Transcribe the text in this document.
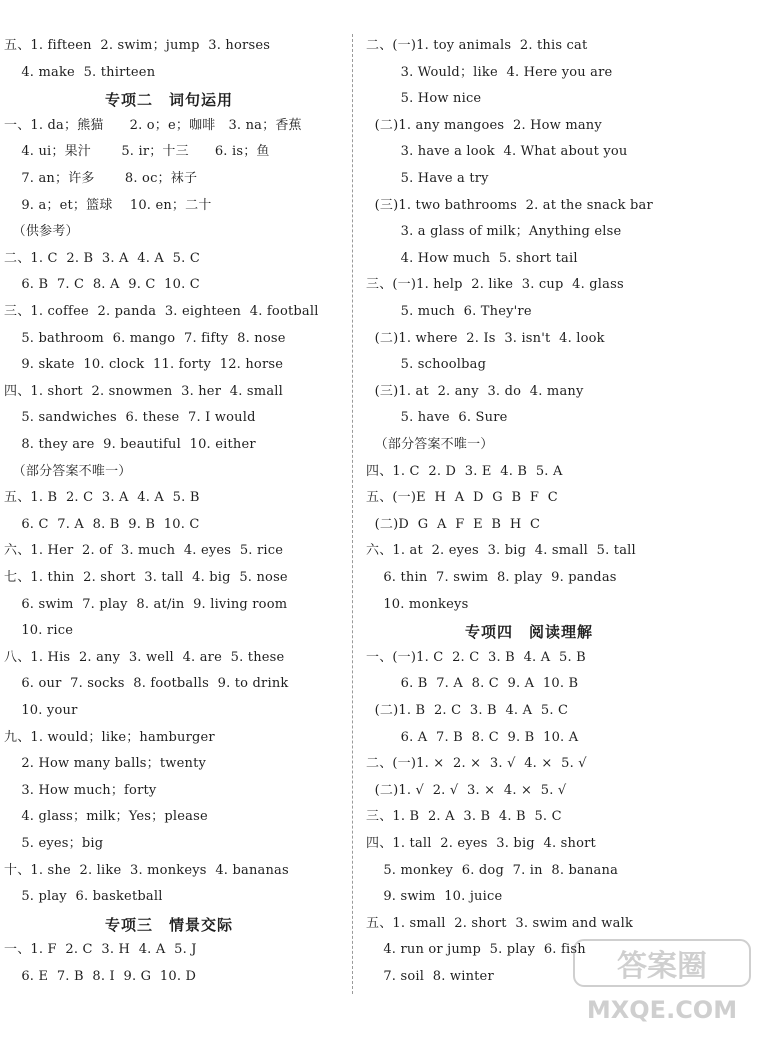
五、1. fifteen  2. swim；jump  3. horses
4. make  5. thirteen
专项二　词句运用
一、1. da；熊猫      2. o；e；咖啡   3. na；香蕉
4. ui；果汁       5. ir；十三      6. is；鱼
7. an；许多       8. oc；袜子
9. a；et；篮球    10. en；二十
（供参考）
二、1. C  2. B  3. A  4. A  5. C
6. B  7. C  8. A  9. C  10. C
三、1. coffee  2. panda  3. eighteen  4. football
5. bathroom  6. mango  7. fifty  8. nose
9. skate  10. clock  11. forty  12. horse
四、1. short  2. snowmen  3. her  4. small
5. sandwiches  6. these  7. I would
8. they are  9. beautiful  10. either
（部分答案不唯一）
五、1. B  2. C  3. A  4. A  5. B
6. C  7. A  8. B  9. B  10. C
六、1. Her  2. of  3. much  4. eyes  5. rice
七、1. thin  2. short  3. tall  4. big  5. nose
6. swim  7. play  8. at/in  9. living room
10. rice
八、1. His  2. any  3. well  4. are  5. these
6. our  7. socks  8. footballs  9. to drink
10. your
九、1. would；like；hamburger
2. How many balls；twenty
3. How much；forty
4. glass；milk；Yes；please
5. eyes；big
十、1. she  2. like  3. monkeys  4. bananas
5. play  6. basketball
专项三　情景交际
一、1. F  2. C  3. H  4. A  5. J
6. E  7. B  8. I  9. G  10. D
二、(一)1. toy animals  2. this cat
3. Would；like  4. Here you are
5. How nice
(二)1. any mangoes  2. How many
3. have a look  4. What about you
5. Have a try
(三)1. two bathrooms  2. at the snack bar
3. a glass of milk；Anything else
4. How much  5. short tail
三、(一)1. help  2. like  3. cup  4. glass
5. much  6. They're
(二)1. where  2. Is  3. isn't  4. look
5. schoolbag
(三)1. at  2. any  3. do  4. many
5. have  6. Sure
（部分答案不唯一）
四、1. C  2. D  3. E  4. B  5. A
五、(一)E  H  A  D  G  B  F  C
(二)D  G  A  F  E  B  H  C
六、1. at  2. eyes  3. big  4. small  5. tall
6. thin  7. swim  8. play  9. pandas
10. monkeys
专项四　阅读理解
一、(一)1. C  2. C  3. B  4. A  5. B
6. B  7. A  8. C  9. A  10. B
(二)1. B  2. C  3. B  4. A  5. C
6. A  7. B  8. C  9. B  10. A
二、(一)1. ×  2. ×  3. √  4. ×  5. √
(二)1. √  2. √  3. ×  4. ×  5. √
三、1. B  2. A  3. B  4. B  5. C
四、1. tall  2. eyes  3. big  4. short
5. monkey  6. dog  7. in  8. banana
9. swim  10. juice
五、1. small  2. short  3. swim and walk
4. run or jump  5. play  6. fish
7. soil  8. winter	答案圈
MXQE.COM
